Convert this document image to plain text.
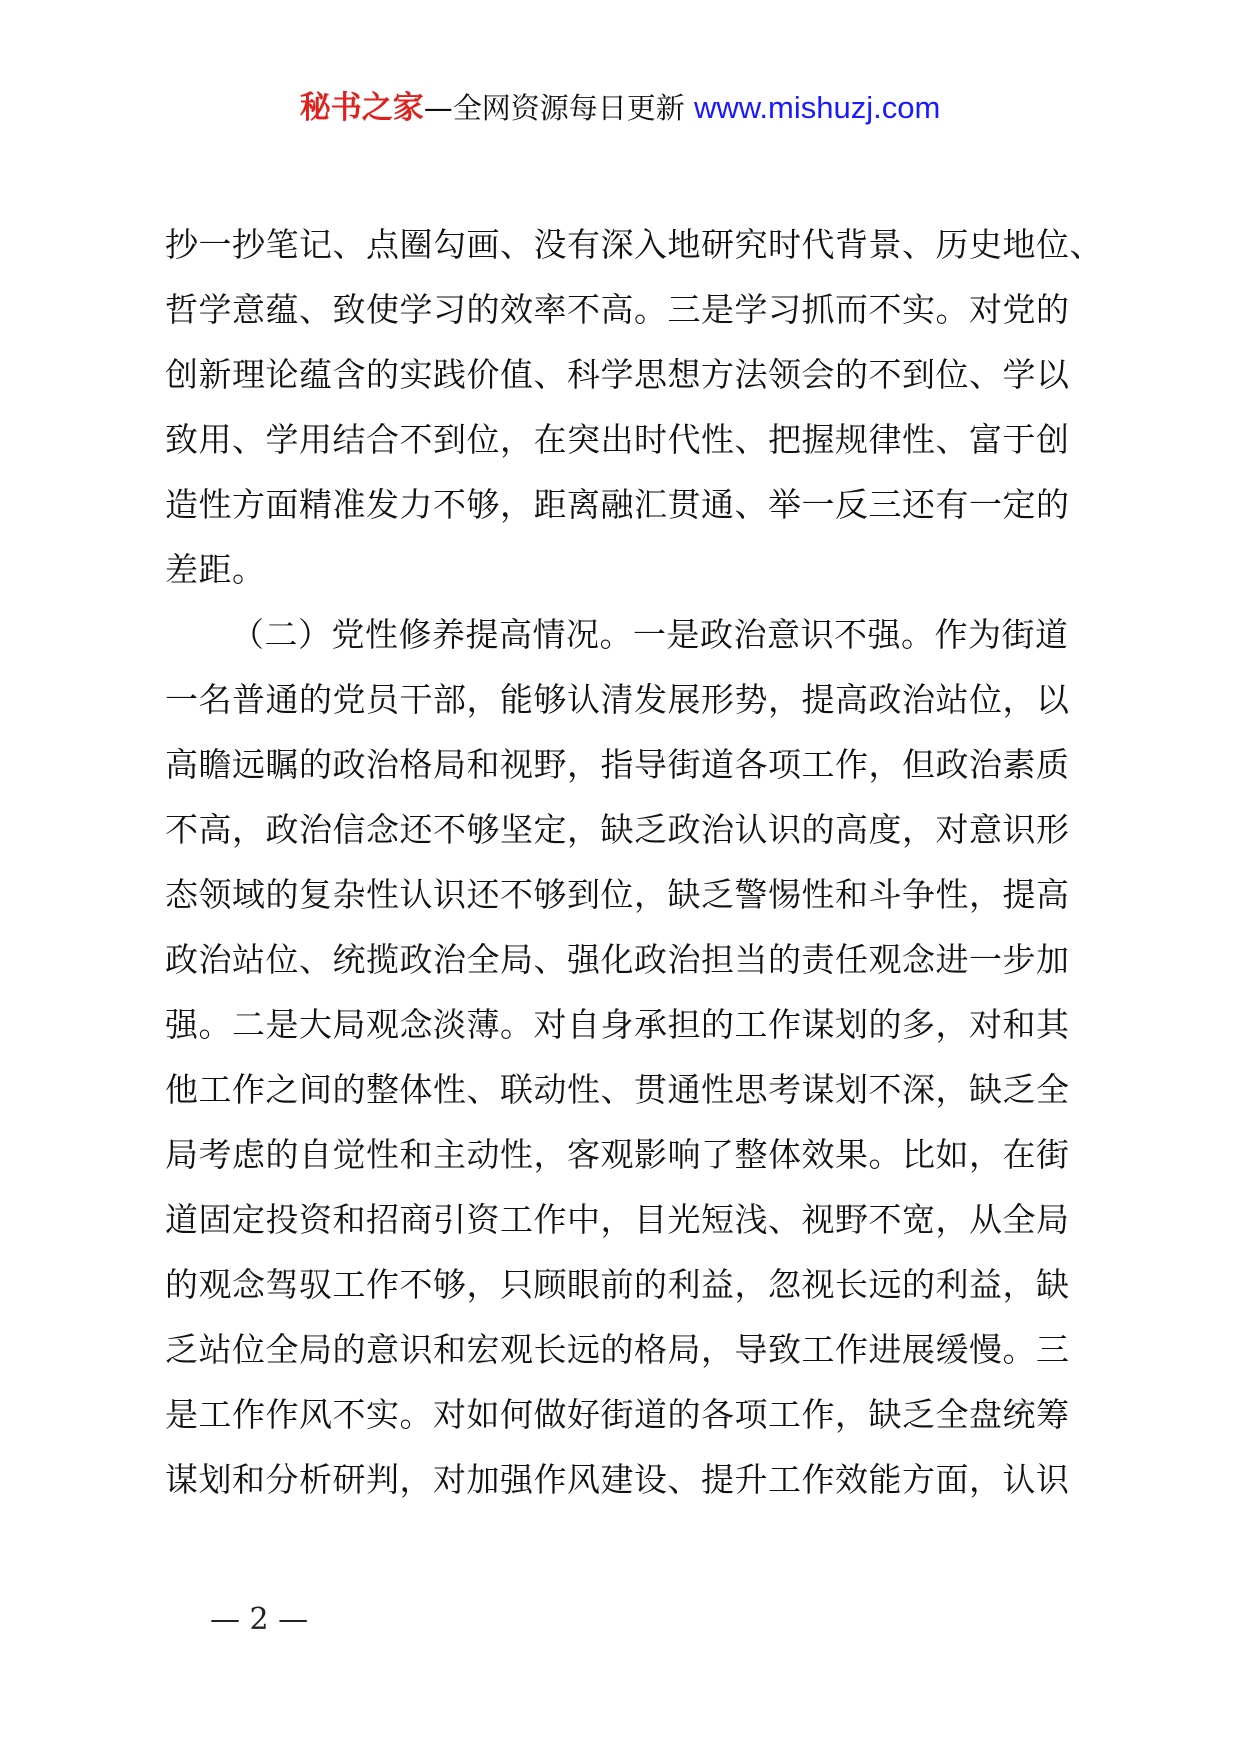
秘书之家—全网资源每日更新 www.mishuzj.com
抄一抄笔记、点圈勾画、没有深入地研究时代背景、历史地位、
哲学意蕴、致使学习的效率不高。三是学习抓而不实。对党的
创新理论蕴含的实践价值、科学思想方法领会的不到位、学以
致用、学用结合不到位，在突出时代性、把握规律性、富于创
造性方面精准发力不够，距离融汇贯通、举一反三还有一定的
差距。
（二）党性修养提高情况。一是政治意识不强。作为街道
一名普通的党员干部，能够认清发展形势，提高政治站位，以
高瞻远瞩的政治格局和视野，指导街道各项工作，但政治素质
不高，政治信念还不够坚定，缺乏政治认识的高度，对意识形
态领域的复杂性认识还不够到位，缺乏警惕性和斗争性，提高
政治站位、统揽政治全局、强化政治担当的责任观念进一步加
强。二是大局观念淡薄。对自身承担的工作谋划的多，对和其
他工作之间的整体性、联动性、贯通性思考谋划不深，缺乏全
局考虑的自觉性和主动性，客观影响了整体效果。比如，在街
道固定投资和招商引资工作中，目光短浅、视野不宽，从全局
的观念驾驭工作不够，只顾眼前的利益，忽视长远的利益，缺
乏站位全局的意识和宏观长远的格局，导致工作进展缓慢。三
是工作作风不实。对如何做好街道的各项工作，缺乏全盘统筹
谋划和分析研判，对加强作风建设、提升工作效能方面，认识
— 2 —
